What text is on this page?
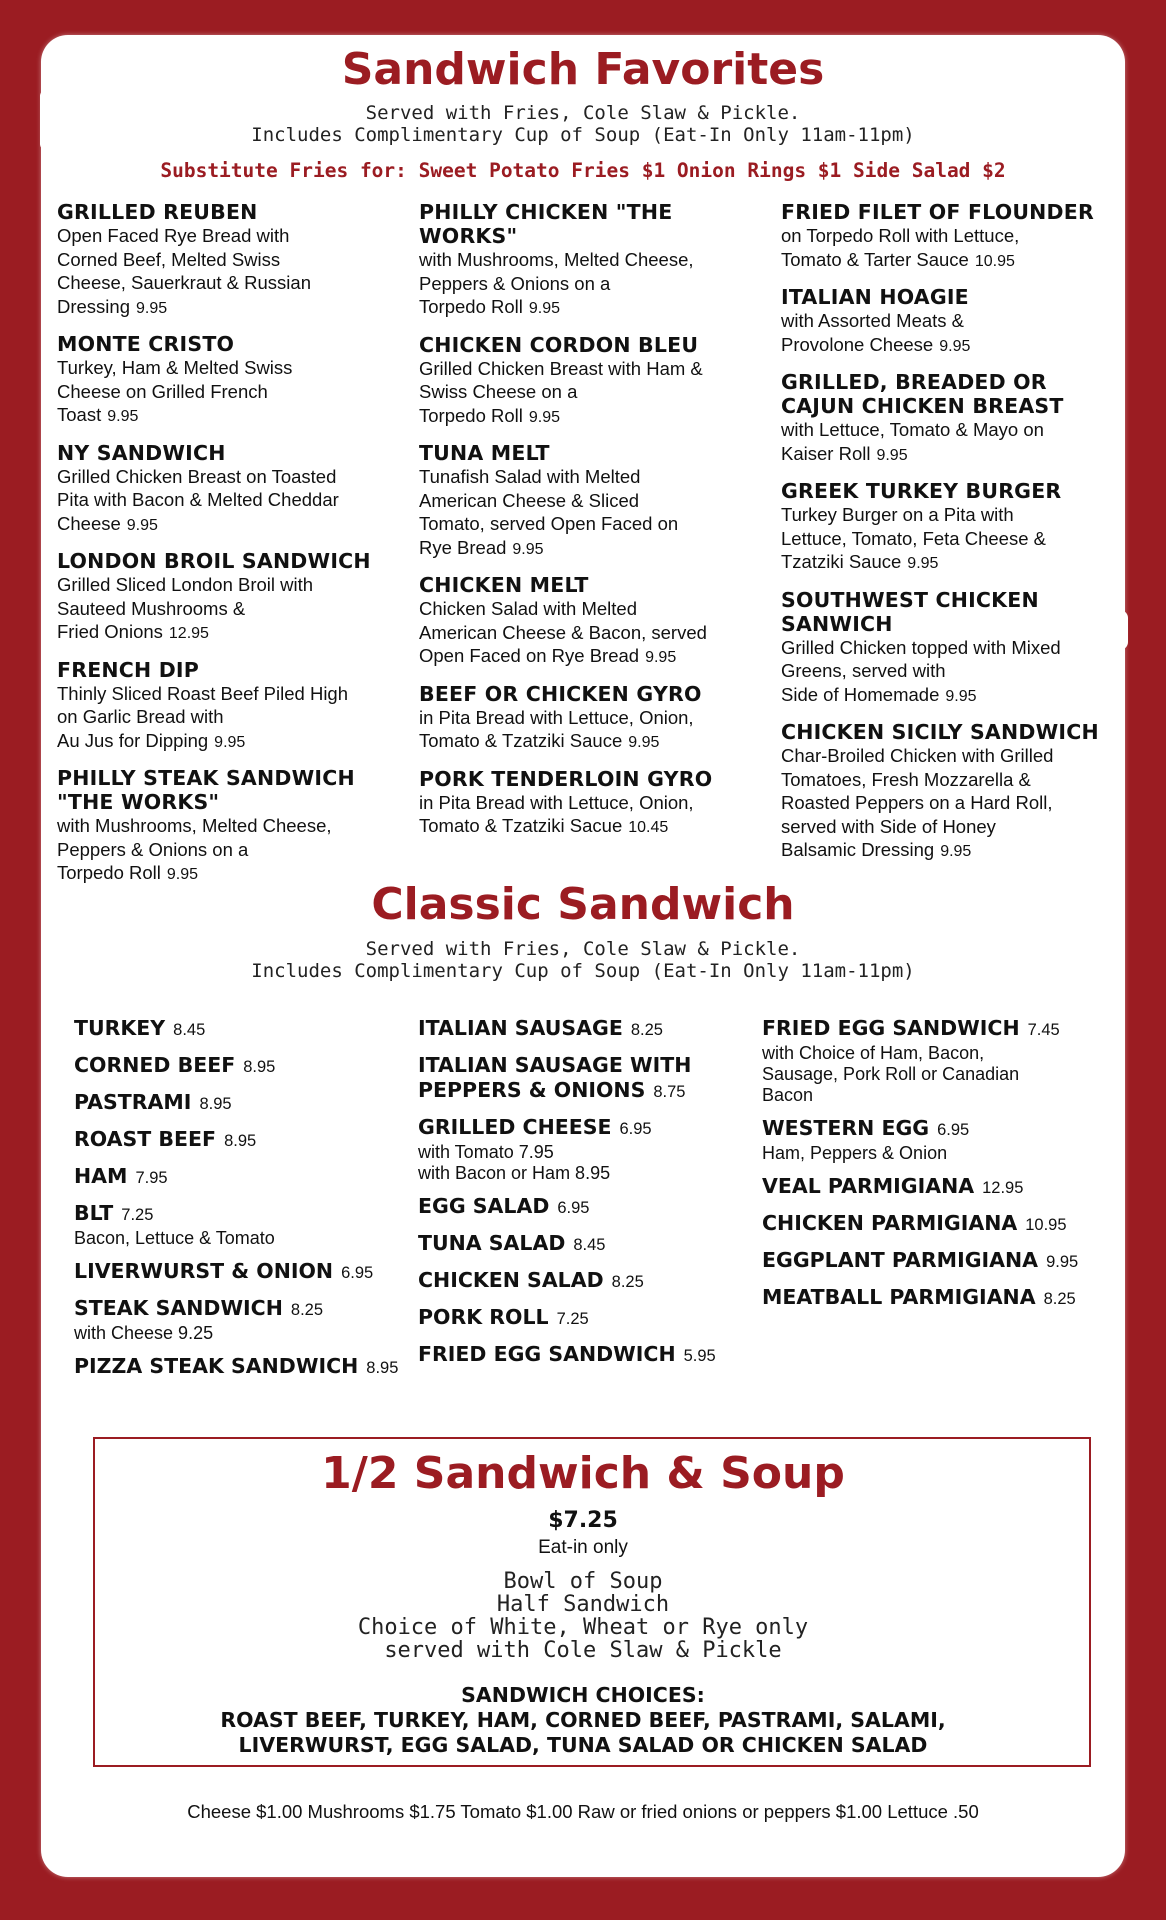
Sandwich Favorites
Served with Fries, Cole Slaw & Pickle.
Includes Complimentary Cup of Soup (Eat-In Only 11am-11pm)
Substitute Fries for: Sweet Potato Fries $1 Onion Rings $1 Side Salad $2
GRILLED REUBEN
Open Faced Rye Bread with
Corned Beef, Melted Swiss
Cheese, Sauerkraut & Russian
Dressing 9.95
MONTE CRISTO
Turkey, Ham & Melted Swiss
Cheese on Grilled French
Toast 9.95
NY SANDWICH
Grilled Chicken Breast on Toasted
Pita with Bacon & Melted Cheddar
Cheese 9.95
LONDON BROIL SANDWICH
Grilled Sliced London Broil with
Sauteed Mushrooms &
Fried Onions 12.95
FRENCH DIP
Thinly Sliced Roast Beef Piled High
on Garlic Bread with
Au Jus for Dipping 9.95
PHILLY STEAK SANDWICH "THE WORKS"
with Mushrooms, Melted Cheese,
Peppers & Onions on a
Torpedo Roll 9.95
PHILLY CHICKEN "THE WORKS"
with Mushrooms, Melted Cheese,
Peppers & Onions on a
Torpedo Roll 9.95
CHICKEN CORDON BLEU
Grilled Chicken Breast with Ham &
Swiss Cheese on a
Torpedo Roll 9.95
TUNA MELT
Tunafish Salad with Melted
American Cheese & Sliced
Tomato, served Open Faced on
Rye Bread 9.95
CHICKEN MELT
Chicken Salad with Melted
American Cheese & Bacon, served
Open Faced on Rye Bread 9.95
BEEF OR CHICKEN GYRO
in Pita Bread with Lettuce, Onion,
Tomato & Tzatziki Sauce 9.95
PORK TENDERLOIN GYRO
in Pita Bread with Lettuce, Onion,
Tomato & Tzatziki Sacue 10.45
FRIED FILET OF FLOUNDER
on Torpedo Roll with Lettuce,
Tomato & Tarter Sauce 10.95
ITALIAN HOAGIE
with Assorted Meats &
Provolone Cheese 9.95
GRILLED, BREADED OR CAJUN CHICKEN BREAST
with Lettuce, Tomato & Mayo on
Kaiser Roll 9.95
GREEK TURKEY BURGER
Turkey Burger on a Pita with
Lettuce, Tomato, Feta Cheese &
Tzatziki Sauce 9.95
SOUTHWEST CHICKEN SANWICH
Grilled Chicken topped with Mixed
Greens, served with
Side of Homemade 9.95
CHICKEN SICILY SANDWICH
Char-Broiled Chicken with Grilled
Tomatoes, Fresh Mozzarella &
Roasted Peppers on a Hard Roll,
served with Side of Honey
Balsamic Dressing 9.95
Classic Sandwich
Served with Fries, Cole Slaw & Pickle.
Includes Complimentary Cup of Soup (Eat-In Only 11am-11pm)
TURKEY 8.45
CORNED BEEF 8.95
PASTRAMI 8.95
ROAST BEEF 8.95
HAM 7.95
BLT 7.25
Bacon, Lettuce & Tomato
LIVERWURST & ONION 6.95
STEAK SANDWICH 8.25
with Cheese 9.25
PIZZA STEAK SANDWICH 8.95
ITALIAN SAUSAGE 8.25
ITALIAN SAUSAGE WITH PEPPERS & ONIONS 8.75
GRILLED CHEESE 6.95
with Tomato 7.95
with Bacon or Ham 8.95
EGG SALAD 6.95
TUNA SALAD 8.45
CHICKEN SALAD 8.25
PORK ROLL 7.25
FRIED EGG SANDWICH 5.95
FRIED EGG SANDWICH 7.45
with Choice of Ham, Bacon,
Sausage, Pork Roll or Canadian
Bacon
WESTERN EGG 6.95
Ham, Peppers & Onion
VEAL PARMIGIANA 12.95
CHICKEN PARMIGIANA 10.95
EGGPLANT PARMIGIANA 9.95
MEATBALL PARMIGIANA 8.25
1/2 Sandwich & Soup
$7.25
Eat-in only
Bowl of Soup
Half Sandwich
Choice of White, Wheat or Rye only
served with Cole Slaw & Pickle
SANDWICH CHOICES:
ROAST BEEF, TURKEY, HAM, CORNED BEEF, PASTRAMI, SALAMI,
LIVERWURST, EGG SALAD, TUNA SALAD OR CHICKEN SALAD
Cheese $1.00 Mushrooms $1.75 Tomato $1.00 Raw or fried onions or peppers $1.00 Lettuce .50
